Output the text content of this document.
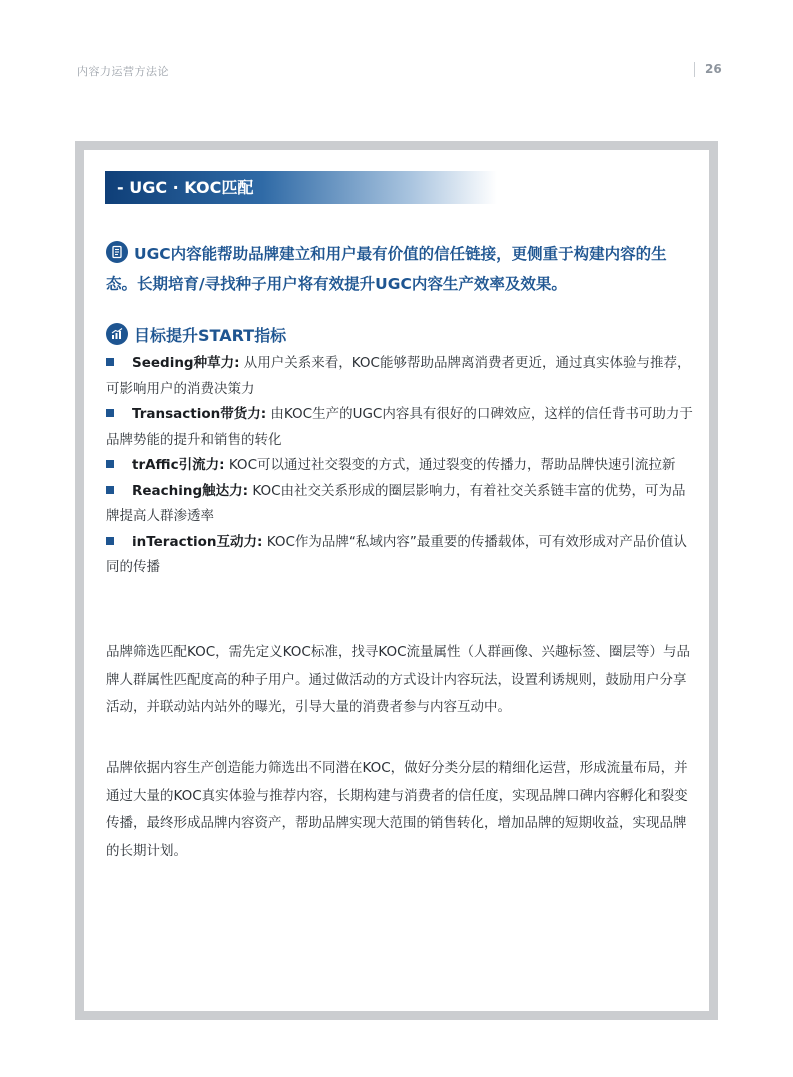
内容力运营方法论	26
- UGC · KOC匹配
UGC内容能帮助品牌建立和用户最有价值的信任链接，更侧重于构建内容的生态。长期培育/寻找种子用户将有效提升UGC内容生产效率及效果。
目标提升START指标
Seeding种草力: 从用户关系来看，KOC能够帮助品牌离消费者更近，通过真实体验与推荐，可影响用户的消费决策力
Transaction带货力: 由KOC生产的UGC内容具有很好的口碑效应，这样的信任背书可助力于品牌势能的提升和销售的转化
trAffic引流力: KOC可以通过社交裂变的方式，通过裂变的传播力，帮助品牌快速引流拉新
Reaching触达力: KOC由社交关系形成的圈层影响力，有着社交关系链丰富的优势，可为品牌提高人群渗透率
inTeraction互动力: KOC作为品牌“私域内容”最重要的传播载体，可有效形成对产品价值认同的传播

品牌筛选匹配KOC，需先定义KOC标准，找寻KOC流量属性（人群画像、兴趣标签、圈层等）与品牌人群属性匹配度高的种子用户。通过做活动的方式设计内容玩法，设置利诱规则，鼓励用户分享活动，并联动站内站外的曝光，引导大量的消费者参与内容互动中。

品牌依据内容生产创造能力筛选出不同潜在KOC，做好分类分层的精细化运营，形成流量布局，并通过大量的KOC真实体验与推荐内容，长期构建与消费者的信任度，实现品牌口碑内容孵化和裂变传播，最终形成品牌内容资产，帮助品牌实现大范围的销售转化，增加品牌的短期收益，实现品牌的长期计划。
